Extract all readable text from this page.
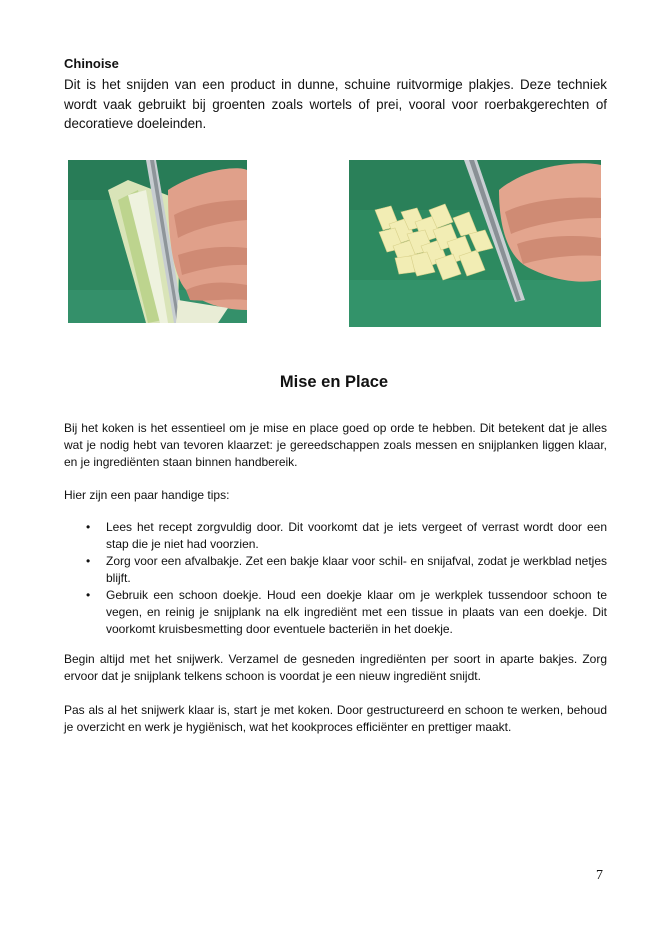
Chinoise

Dit is het snijden van een product in dunne, schuine ruitvormige plakjes. Deze techniek wordt vaak gebruikt bij groenten zoals wortels of prei, vooral voor roerbakgerechten of decoratieve doeleinden.

Mise en Place

Bij het koken is het essentieel om je mise en place goed op orde te hebben. Dit betekent dat je alles wat je nodig hebt van tevoren klaarzet: je gereedschappen zoals messen en snijplanken liggen klaar, en je ingrediënten staan binnen handbereik.

Hier zijn een paar handige tips:

• Lees het recept zorgvuldig door. Dit voorkomt dat je iets vergeet of verrast wordt door een stap die je niet had voorzien.
• Zorg voor een afvalbakje. Zet een bakje klaar voor schil- en snijafval, zodat je werkblad netjes blijft.
• Gebruik een schoon doekje. Houd een doekje klaar om je werkplek tussendoor schoon te vegen, en reinig je snijplank na elk ingrediënt met een tissue in plaats van een doekje. Dit voorkomt kruisbesmetting door eventuele bacteriën in het doekje.

Begin altijd met het snijwerk. Verzamel de gesneden ingrediënten per soort in aparte bakjes. Zorg ervoor dat je snijplank telkens schoon is voordat je een nieuw ingrediënt snijdt.

Pas als al het snijwerk klaar is, start je met koken. Door gestructureerd en schoon te werken, behoud je overzicht en werk je hygiënisch, wat het kookproces efficiënter en prettiger maakt.

7
